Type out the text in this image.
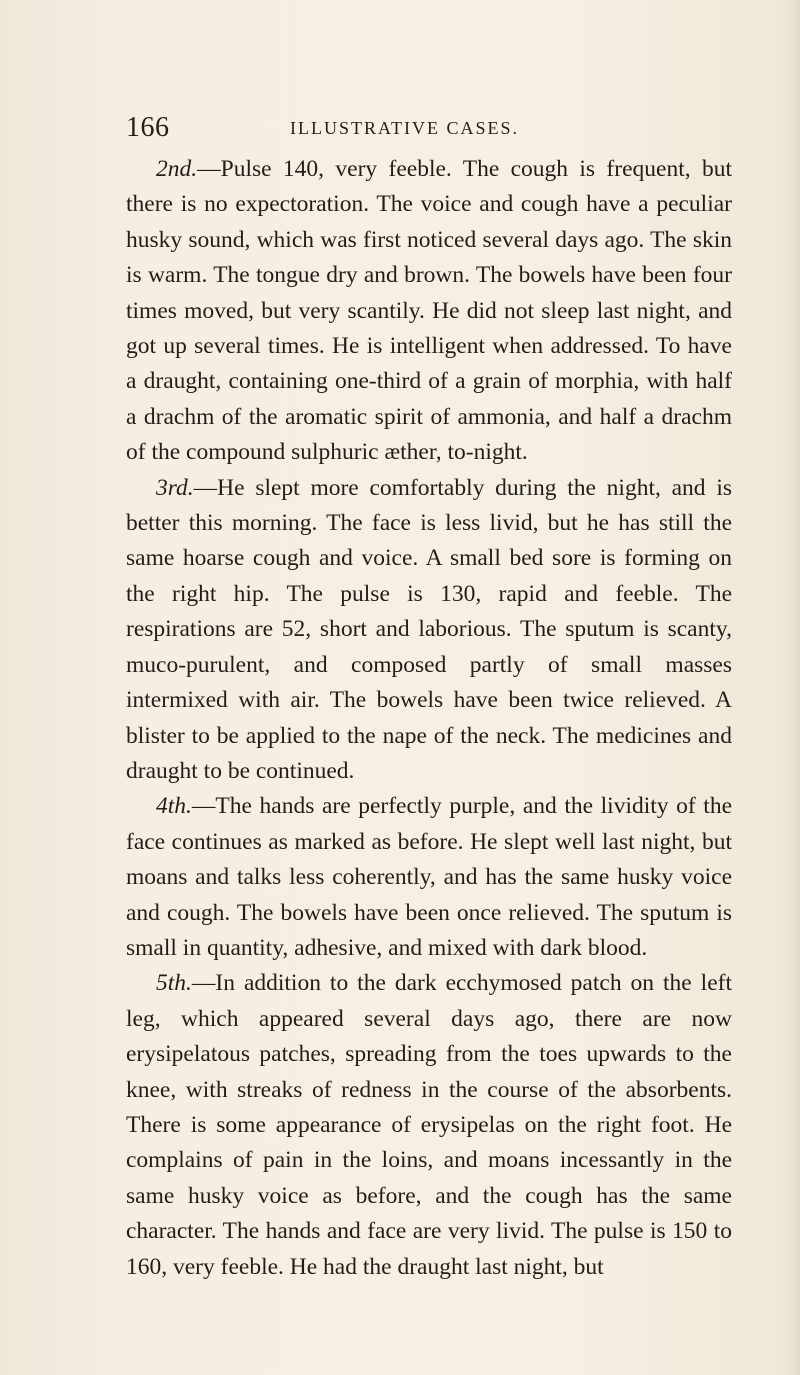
166	ILLUSTRATIVE CASES.

2nd.—Pulse 140, very feeble. The cough is frequent, but there is no expectoration. The voice and cough have a peculiar husky sound, which was first noticed several days ago. The skin is warm. The tongue dry and brown. The bowels have been four times moved, but very scantily. He did not sleep last night, and got up several times. He is intelligent when addressed. To have a draught, containing one-third of a grain of morphia, with half a drachm of the aromatic spirit of ammonia, and half a drachm of the compound sulphuric æther, to-night.

3rd.—He slept more comfortably during the night, and is better this morning. The face is less livid, but he has still the same hoarse cough and voice. A small bed sore is forming on the right hip. The pulse is 130, rapid and feeble. The respirations are 52, short and laborious. The sputum is scanty, muco-purulent, and composed partly of small masses intermixed with air. The bowels have been twice relieved. A blister to be applied to the nape of the neck. The medicines and draught to be continued.

4th.—The hands are perfectly purple, and the lividity of the face continues as marked as before. He slept well last night, but moans and talks less coherently, and has the same husky voice and cough. The bowels have been once relieved. The sputum is small in quantity, adhesive, and mixed with dark blood.

5th.—In addition to the dark ecchymosed patch on the left leg, which appeared several days ago, there are now erysipelatous patches, spreading from the toes upwards to the knee, with streaks of redness in the course of the absorbents. There is some appearance of erysipelas on the right foot. He complains of pain in the loins, and moans incessantly in the same husky voice as before, and the cough has the same character. The hands and face are very livid. The pulse is 150 to 160, very feeble. He had the draught last night, but
